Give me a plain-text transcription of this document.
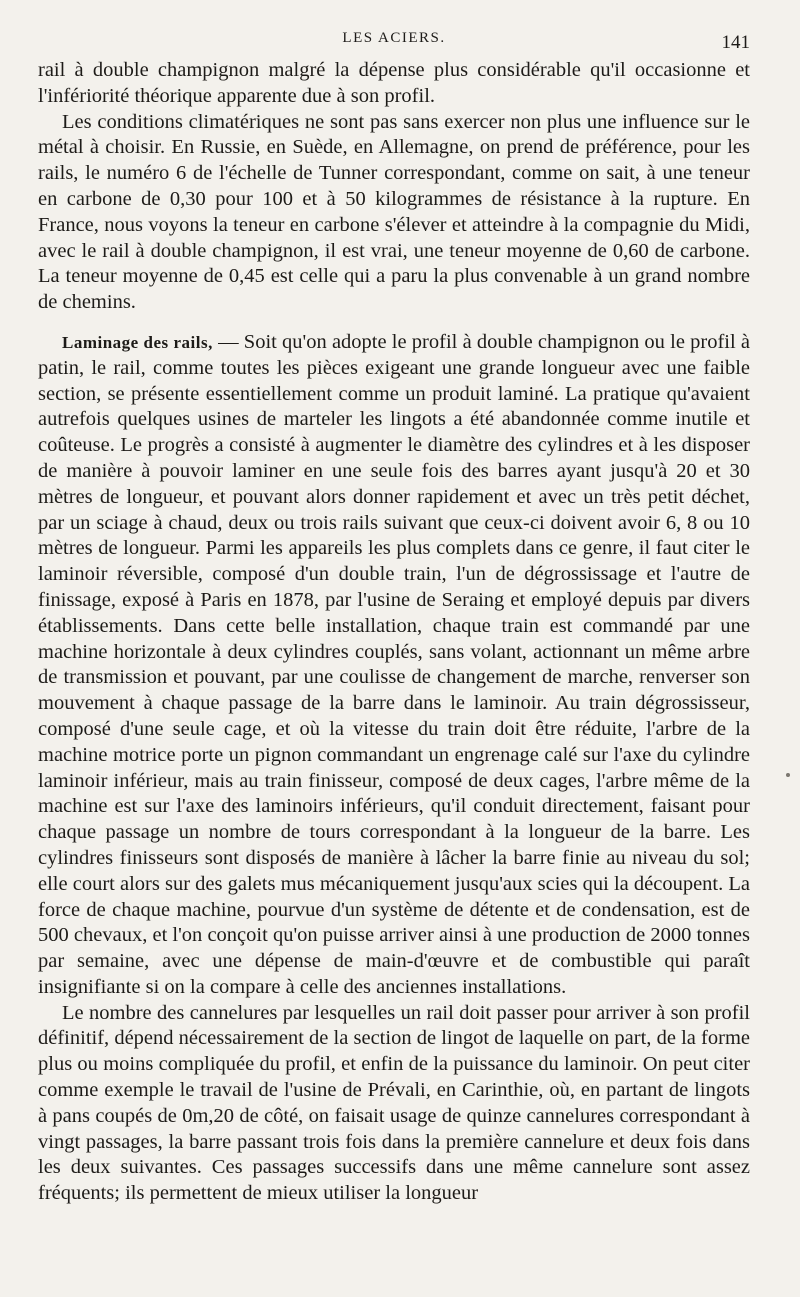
LES ACIERS.	141

rail à double champignon malgré la dépense plus considérable qu'il occasionne et l'infériorité théorique apparente due à son profil.

Les conditions climatériques ne sont pas sans exercer non plus une influence sur le métal à choisir. En Russie, en Suède, en Allemagne, on prend de préférence, pour les rails, le numéro 6 de l'échelle de Tunner correspondant, comme on sait, à une teneur en carbone de 0,30 pour 100 et à 50 kilogrammes de résistance à la rupture. En France, nous voyons la teneur en carbone s'élever et atteindre à la compagnie du Midi, avec le rail à double champignon, il est vrai, une teneur moyenne de 0,60 de carbone. La teneur moyenne de 0,45 est celle qui a paru la plus convenable à un grand nombre de chemins.

Laminage des rails, — Soit qu'on adopte le profil à double champignon ou le profil à patin, le rail, comme toutes les pièces exigeant une grande longueur avec une faible section, se présente essentiellement comme un produit laminé. La pratique qu'avaient autrefois quelques usines de marteler les lingots a été abandonnée comme inutile et coûteuse. Le progrès a consisté à augmenter le diamètre des cylindres et à les disposer de manière à pouvoir laminer en une seule fois des barres ayant jusqu'à 20 et 30 mètres de longueur, et pouvant alors donner rapidement et avec un très petit déchet, par un sciage à chaud, deux ou trois rails suivant que ceux-ci doivent avoir 6, 8 ou 10 mètres de longueur. Parmi les appareils les plus complets dans ce genre, il faut citer le laminoir réversible, composé d'un double train, l'un de dégrossissage et l'autre de finissage, exposé à Paris en 1878, par l'usine de Seraing et employé depuis par divers établissements. Dans cette belle installation, chaque train est commandé par une machine horizontale à deux cylindres couplés, sans volant, actionnant un même arbre de transmission et pouvant, par une coulisse de changement de marche, renverser son mouvement à chaque passage de la barre dans le laminoir. Au train dégrossisseur, composé d'une seule cage, et où la vitesse du train doit être réduite, l'arbre de la machine motrice porte un pignon commandant un engrenage calé sur l'axe du cylindre laminoir inférieur, mais au train finisseur, composé de deux cages, l'arbre même de la machine est sur l'axe des laminoirs inférieurs, qu'il conduit directement, faisant pour chaque passage un nombre de tours correspondant à la longueur de la barre. Les cylindres finisseurs sont disposés de manière à lâcher la barre finie au niveau du sol; elle court alors sur des galets mus mécaniquement jusqu'aux scies qui la découpent. La force de chaque machine, pourvue d'un système de détente et de condensation, est de 500 chevaux, et l'on conçoit qu'on puisse arriver ainsi à une production de 2000 tonnes par semaine, avec une dépense de main-d'œuvre et de combustible qui paraît insignifiante si on la compare à celle des anciennes installations.

Le nombre des cannelures par lesquelles un rail doit passer pour arriver à son profil définitif, dépend nécessairement de la section de lingot de laquelle on part, de la forme plus ou moins compliquée du profil, et enfin de la puissance du laminoir. On peut citer comme exemple le travail de l'usine de Prévali, en Carinthie, où, en partant de lingots à pans coupés de 0m,20 de côté, on faisait usage de quinze cannelures correspondant à vingt passages, la barre passant trois fois dans la première cannelure et deux fois dans les deux suivantes. Ces passages successifs dans une même cannelure sont assez fréquents; ils permettent de mieux utiliser la longueur
